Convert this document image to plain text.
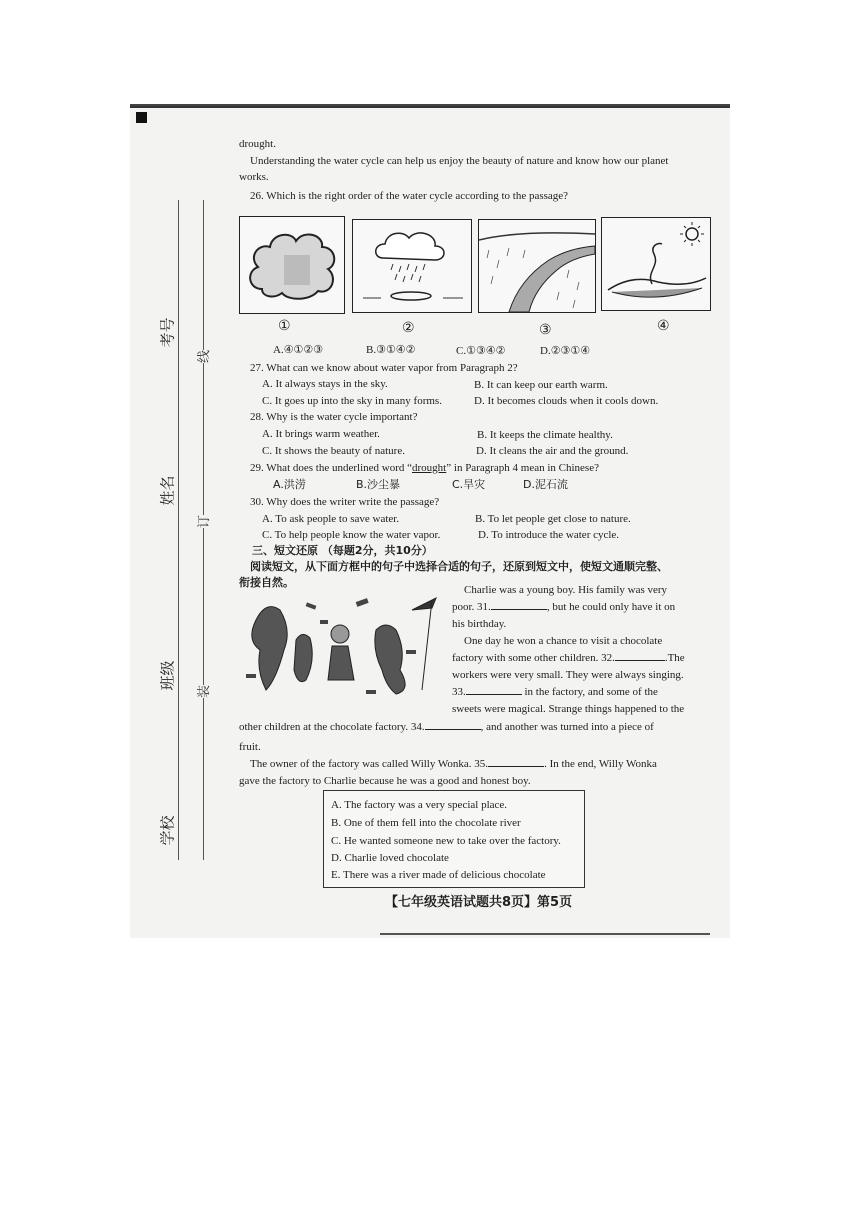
学校
班级
姓名
考号
装
订
线
drought.
Understanding the water cycle can help us enjoy the beauty of nature and know how our planet
works.
26. Which is the right order of the water cycle according to the passage?
①	②	③	④
A.④①②③	B.③①④②	C.①③④②	D.②③①④
27. What can we know about water vapor from Paragraph 2?
A. It always stays in the sky.	B. It can keep our earth warm.
C. It goes up into the sky in many forms.	D. It becomes clouds when it cools down.
28. Why is the water cycle important?
A. It brings warm weather.	B. It keeps the climate healthy.
C. It shows the beauty of nature.	D. It cleans the air and the ground.
29. What does the underlined word “drought” in Paragraph 4 mean in Chinese?
A.洪涝	B.沙尘暴	C.旱灾	D.泥石流
30. Why does the writer write the passage?
A. To ask people to save water.	B. To let people get close to nature.
C. To help people know the water vapor.	D. To introduce the water cycle.
三、短文还原 （每题2分，共10分）
阅读短文，从下面方框中的句子中选择合适的句子，还原到短文中，使短文通顺完整、
衔接自然。
Charlie was a young boy. His family was very
poor. 31.	, but he could only have it on
his birthday.
One day he won a chance to visit a chocolate
factory with some other children. 32.	.The
workers were very small. They were always singing.
33.	in the factory, and some of the
sweets were magical. Strange things happened to the
other children at the chocolate factory. 34.	, and another was turned into a piece of
fruit.
The owner of the factory was called Willy Wonka. 35.	. In the end, Willy Wonka
gave the factory to Charlie because he was a good and honest boy.
A. The factory was a very special place.
B. One of them fell into the chocolate river
C. He wanted someone new to take over the factory.
D. Charlie loved chocolate
E. There was a river made of delicious chocolate
【七年级英语试题共8页】第5页
